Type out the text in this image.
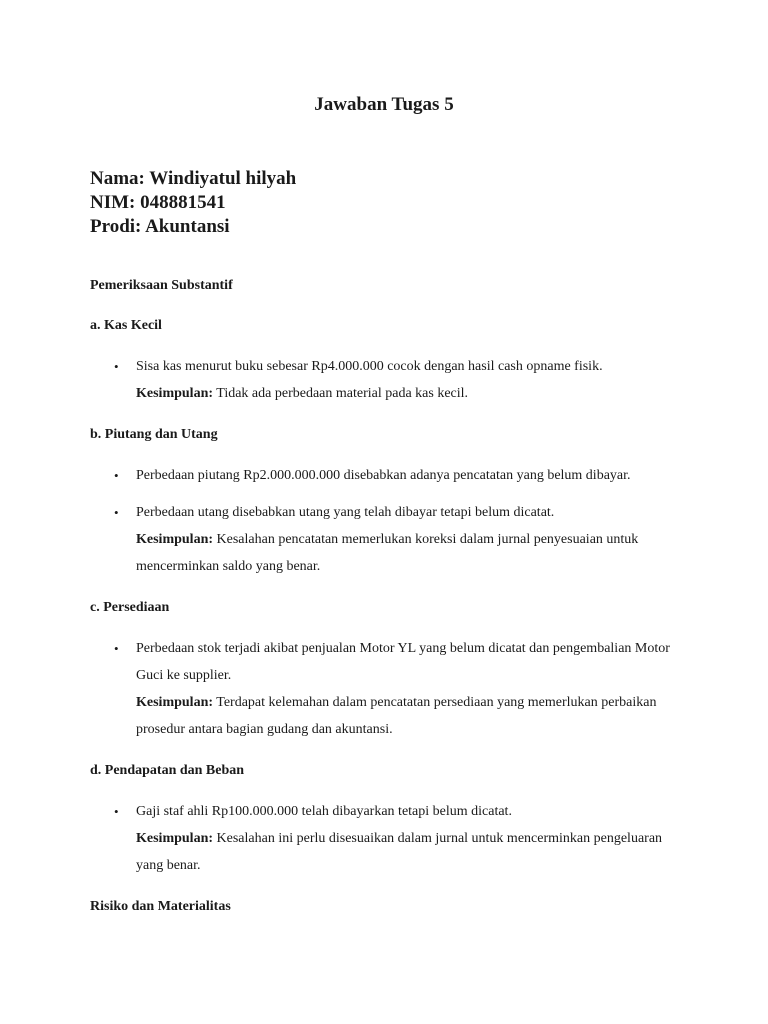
Jawaban Tugas 5
Nama: Windiyatul hilyah
NIM: 048881541
Prodi: Akuntansi
Pemeriksaan Substantif
a. Kas Kecil
• Sisa kas menurut buku sebesar Rp4.000.000 cocok dengan hasil cash opname fisik.

Kesimpulan: Tidak ada perbedaan material pada kas kecil.

b. Piutang dan Utang
• Perbedaan piutang Rp2.000.000.000 disebabkan adanya pencatatan yang belum dibayar.

• Perbedaan utang disebabkan utang yang telah dibayar tetapi belum dicatat.

Kesimpulan: Kesalahan pencatatan memerlukan koreksi dalam jurnal penyesuaian untuk mencerminkan saldo yang benar.

c. Persediaan
• Perbedaan stok terjadi akibat penjualan Motor YL yang belum dicatat dan pengembalian Motor Guci ke supplier.

Kesimpulan: Terdapat kelemahan dalam pencatatan persediaan yang memerlukan perbaikan prosedur antara bagian gudang dan akuntansi.

d. Pendapatan dan Beban
• Gaji staf ahli Rp100.000.000 telah dibayarkan tetapi belum dicatat.

Kesimpulan: Kesalahan ini perlu disesuaikan dalam jurnal untuk mencerminkan pengeluaran yang benar.

Risiko dan Materialitas
